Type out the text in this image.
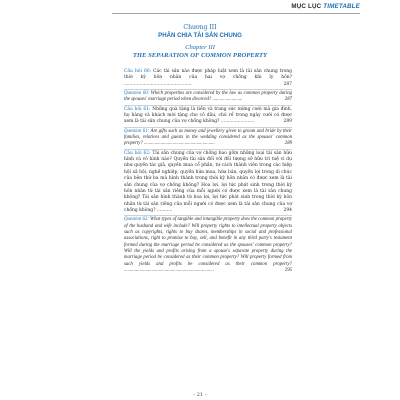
MỤC LỤC TIMETABLE
Chương III
PHÂN CHIA TÀI SẢN CHUNG
Chapter III
THE SEPARATION OF COMMON PROPERTY
Câu hỏi 60: Các tài sản nào được pháp luật xem là tài sản chung trong thời kỳ hôn nhân của hai vợ chồng khi ly hôn? ................................................	287
Question 60: Which properties are considered by the law as common property during the spouses' marriage period when divorced? .........................	287
Câu hỏi 61: Những quà tặng là tiền và trang sức mừng cưới mà gia đình, họ hàng và khách mời tặng cho cô dâu, chú rể trong ngày cưới có được xem là tài sản chung của vợ chồng không? ........................	289
Question 61: Are gifts such as money and jewellery given to groom and bride by their families, relatives and guests in the wedding considered as the spouses' common property? ...........................................................	289
Câu hỏi 62: Tài sản chung của vợ chồng bao gồm những loại tài sản hữu hình và vô hình nào? Quyền tài sản đối với đối tượng sở hữu trí tuệ ví dụ như quyền tác giả, quyền mua cổ phần, tư cách thành viên trong các hiệp hội xã hội, nghề nghiệp, quyền hứa mua, hứa bán, quyền lợi trong di chúc của bên thứ ba mà hình thành trong thời kỳ hôn nhân có được xem là tài sản chung của vợ chồng không? Hoa lợi, lợi tức phát sinh trong thời kỳ hôn nhân từ tài sản riêng của mỗi người có được xem là tài sản chung không? Tài sản hình thành từ hoa lợi, lợi tức phát sinh trong thời kỳ hôn nhân từ tài sản riêng của mỗi người có được xem là tài sản chung của vợ chồng không? ...........	294
Question 62: What types of tangible and intangible property does the common property of the husband and wife include? Will property rights to intellectual property objects such as copyrights, rights to buy shares, memberships in social and professional associations, right to promise to buy, sell, and benefit in any third party's testament formed during the marriage period be considered as the spouses' common property? Will the yields and profits arising from a spouse's separate property during the marriage period be considered as their common property? Will property formed from such yields and profits be considered as their common property? ...........................................................................	295
- 21 -
